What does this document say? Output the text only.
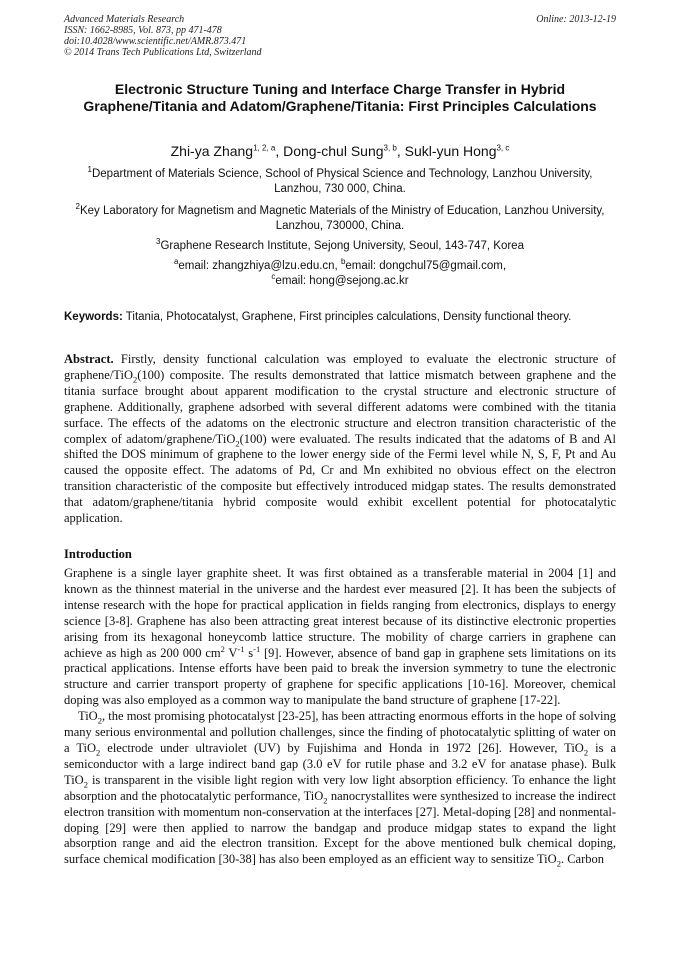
Advanced Materials Research
ISSN: 1662-8985, Vol. 873, pp 471-478
doi:10.4028/www.scientific.net/AMR.873.471
© 2014 Trans Tech Publications Ltd, Switzerland
Online: 2013-12-19
Electronic Structure Tuning and Interface Charge Transfer in Hybrid Graphene/Titania and Adatom/Graphene/Titania: First Principles Calculations
Zhi-ya Zhang$^{1, 2, a}$, Dong-chul Sung$^{3, b}$, Sukl-yun Hong$^{3, c}$
$^1$Department of Materials Science, School of Physical Science and Technology, Lanzhou University, Lanzhou, 730 000, China.
$^2$Key Laboratory for Magnetism and Magnetic Materials of the Ministry of Education, Lanzhou University, Lanzhou, 730000, China.
$^3$Graphene Research Institute, Sejong University, Seoul, 143-747, Korea
$^a$email: zhangzhiya@lzu.edu.cn, $^b$email: dongchul75@gmail.com,
$^c$email: hong@sejong.ac.kr
Keywords: Titania, Photocatalyst, Graphene, First principles calculations, Density functional theory.

Abstract. Firstly, density functional calculation was employed to evaluate the electronic structure of graphene/TiO$_2$(100) composite. The results demonstrated that lattice mismatch between graphene and the titania surface brought about apparent modification to the crystal structure and electronic structure of graphene. Additionally, graphene adsorbed with several different adatoms were combined with the titania surface. The effects of the adatoms on the electronic structure and electron transition characteristic of the complex of adatom/graphene/TiO$_2$(100) were evaluated. The results indicated that the adatoms of B and Al shifted the DOS minimum of graphene to the lower energy side of the Fermi level while N, S, F, Pt and Au caused the opposite effect. The adatoms of Pd, Cr and Mn exhibited no obvious effect on the electron transition characteristic of the composite but effectively introduced midgap states. The results demonstrated that adatom/graphene/titania hybrid composite would exhibit excellent potential for photocatalytic application.

Introduction

Graphene is a single layer graphite sheet. It was first obtained as a transferable material in 2004 [1] and known as the thinnest material in the universe and the hardest ever measured [2]. It has been the subjects of intense research with the hope for practical application in fields ranging from electronics, displays to energy science [3-8]. Graphene has also been attracting great interest because of its distinctive electronic properties arising from its hexagonal honeycomb lattice structure. The mobility of charge carriers in graphene can achieve as high as 200 000 $cm^2$ $V^{-1}$ $s^{-1}$ [9]. However, absence of band gap in graphene sets limitations on its practical applications. Intense efforts have been paid to break the inversion symmetry to tune the electronic structure and carrier transport property of graphene for specific applications [10-16]. Moreover, chemical doping was also employed as a common way to manipulate the band structure of graphene [17-22].

TiO$_2$, the most promising photocatalyst [23-25], has been attracting enormous efforts in the hope of solving many serious environmental and pollution challenges, since the finding of photocatalytic splitting of water on a TiO$_2$ electrode under ultraviolet (UV) by Fujishima and Honda in 1972 [26]. However, TiO$_2$ is a semiconductor with a large indirect band gap (3.0 eV for rutile phase and 3.2 eV for anatase phase). Bulk TiO$_2$ is transparent in the visible light region with very low light absorption efficiency. To enhance the light absorption and the photocatalytic performance, TiO$_2$ nanocrystallites were synthesized to increase the indirect electron transition with momentum non-conservation at the interfaces [27]. Metal-doping [28] and nonmental-doping [29] were then applied to narrow the bandgap and produce midgap states to expand the light absorption range and aid the electron transition. Except for the above mentioned bulk chemical doping, surface chemical modification [30-38] has also been employed as an efficient way to sensitize TiO$_2$. Carbon
